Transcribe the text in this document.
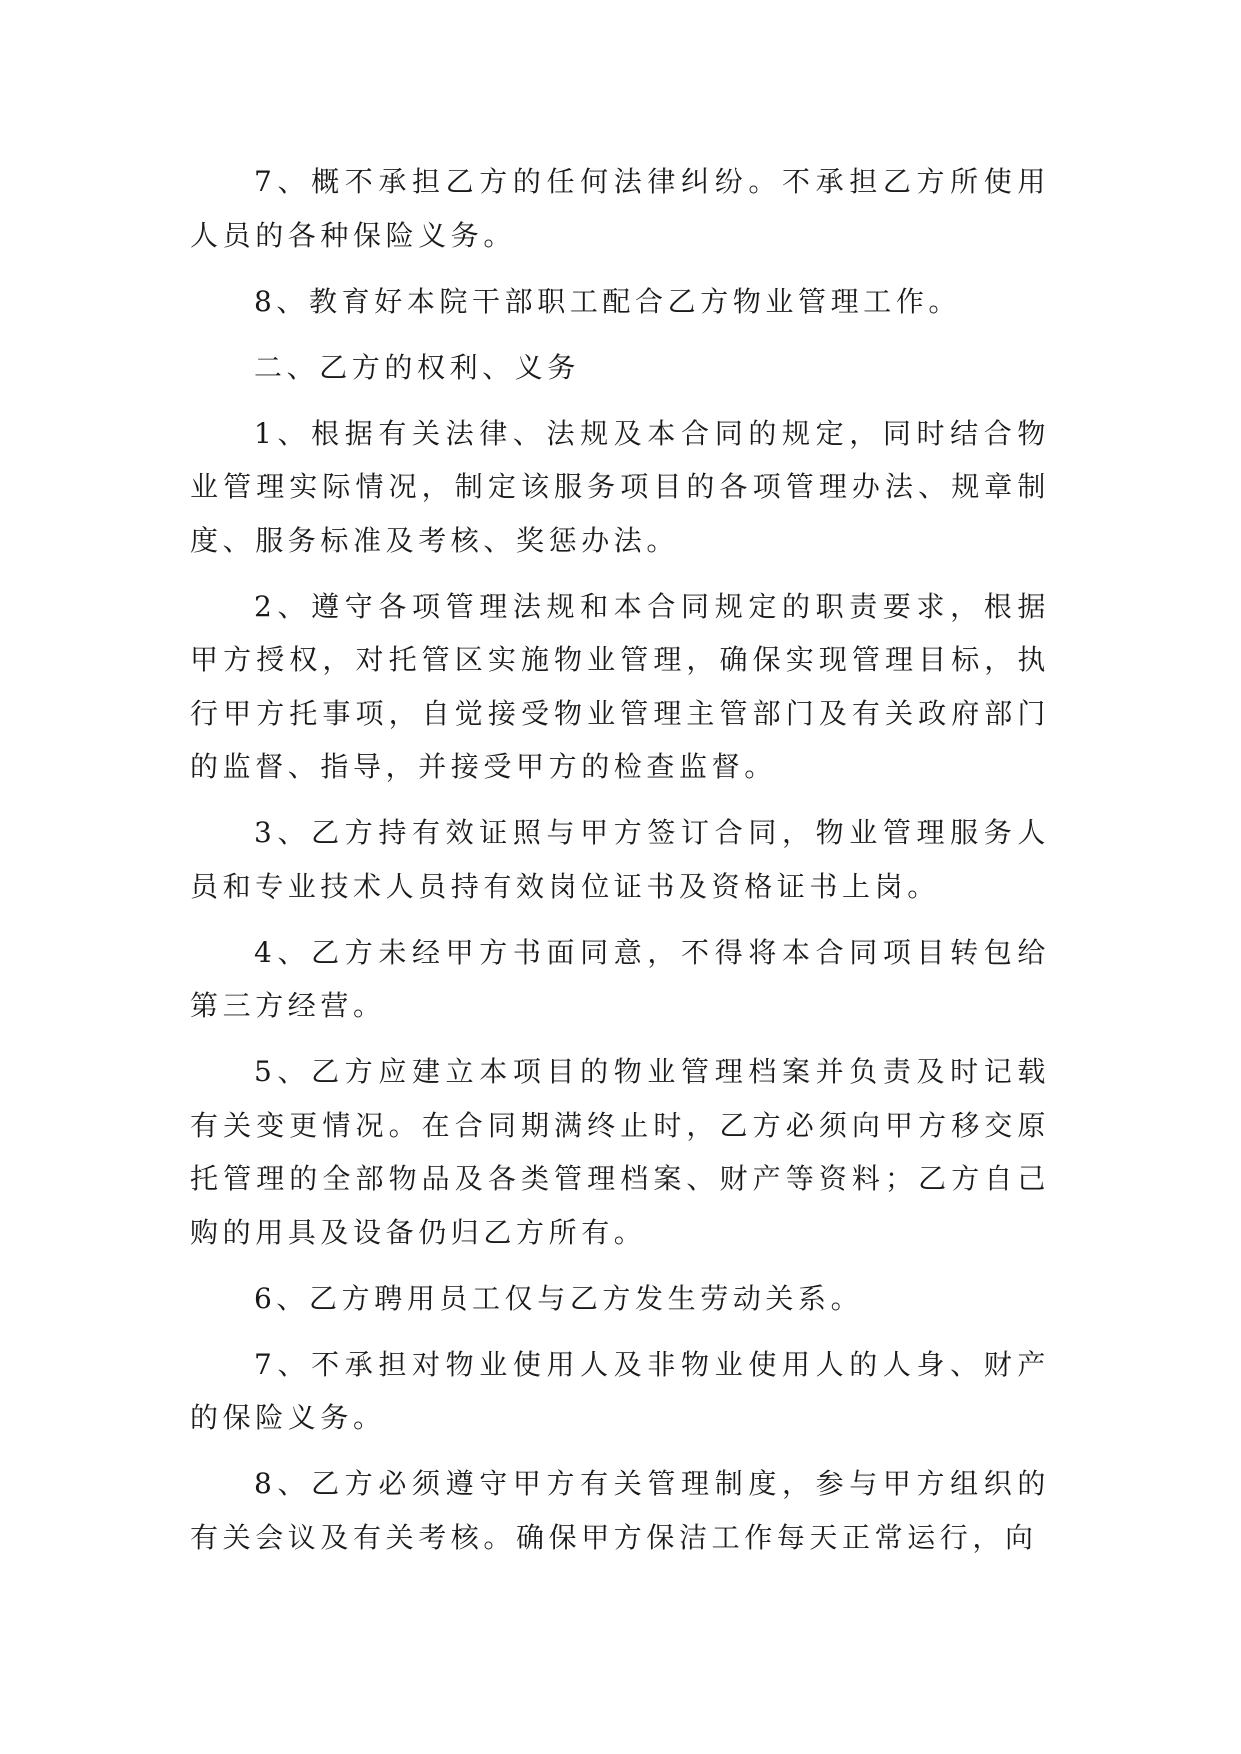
7、概不承担乙方的任何法律纠纷。不承担乙方所使用人员的各种保险义务。

8、教育好本院干部职工配合乙方物业管理工作。

二、乙方的权利、义务

1、根据有关法律、法规及本合同的规定，同时结合物业管理实际情况，制定该服务项目的各项管理办法、规章制度、服务标准及考核、奖惩办法。

2、遵守各项管理法规和本合同规定的职责要求，根据甲方授权，对托管区实施物业管理，确保实现管理目标，执行甲方托事项，自觉接受物业管理主管部门及有关政府部门的监督、指导，并接受甲方的检查监督。

3、乙方持有效证照与甲方签订合同，物业管理服务人员和专业技术人员持有效岗位证书及资格证书上岗。

4、乙方未经甲方书面同意，不得将本合同项目转包给第三方经营。

5、乙方应建立本项目的物业管理档案并负责及时记载有关变更情况。在合同期满终止时，乙方必须向甲方移交原托管理的全部物品及各类管理档案、财产等资料；乙方自己购的用具及设备仍归乙方所有。

6、乙方聘用员工仅与乙方发生劳动关系。

7、不承担对物业使用人及非物业使用人的人身、财产的保险义务。

8、乙方必须遵守甲方有关管理制度，参与甲方组织的有关会议及有关考核。确保甲方保洁工作每天正常运行，向
